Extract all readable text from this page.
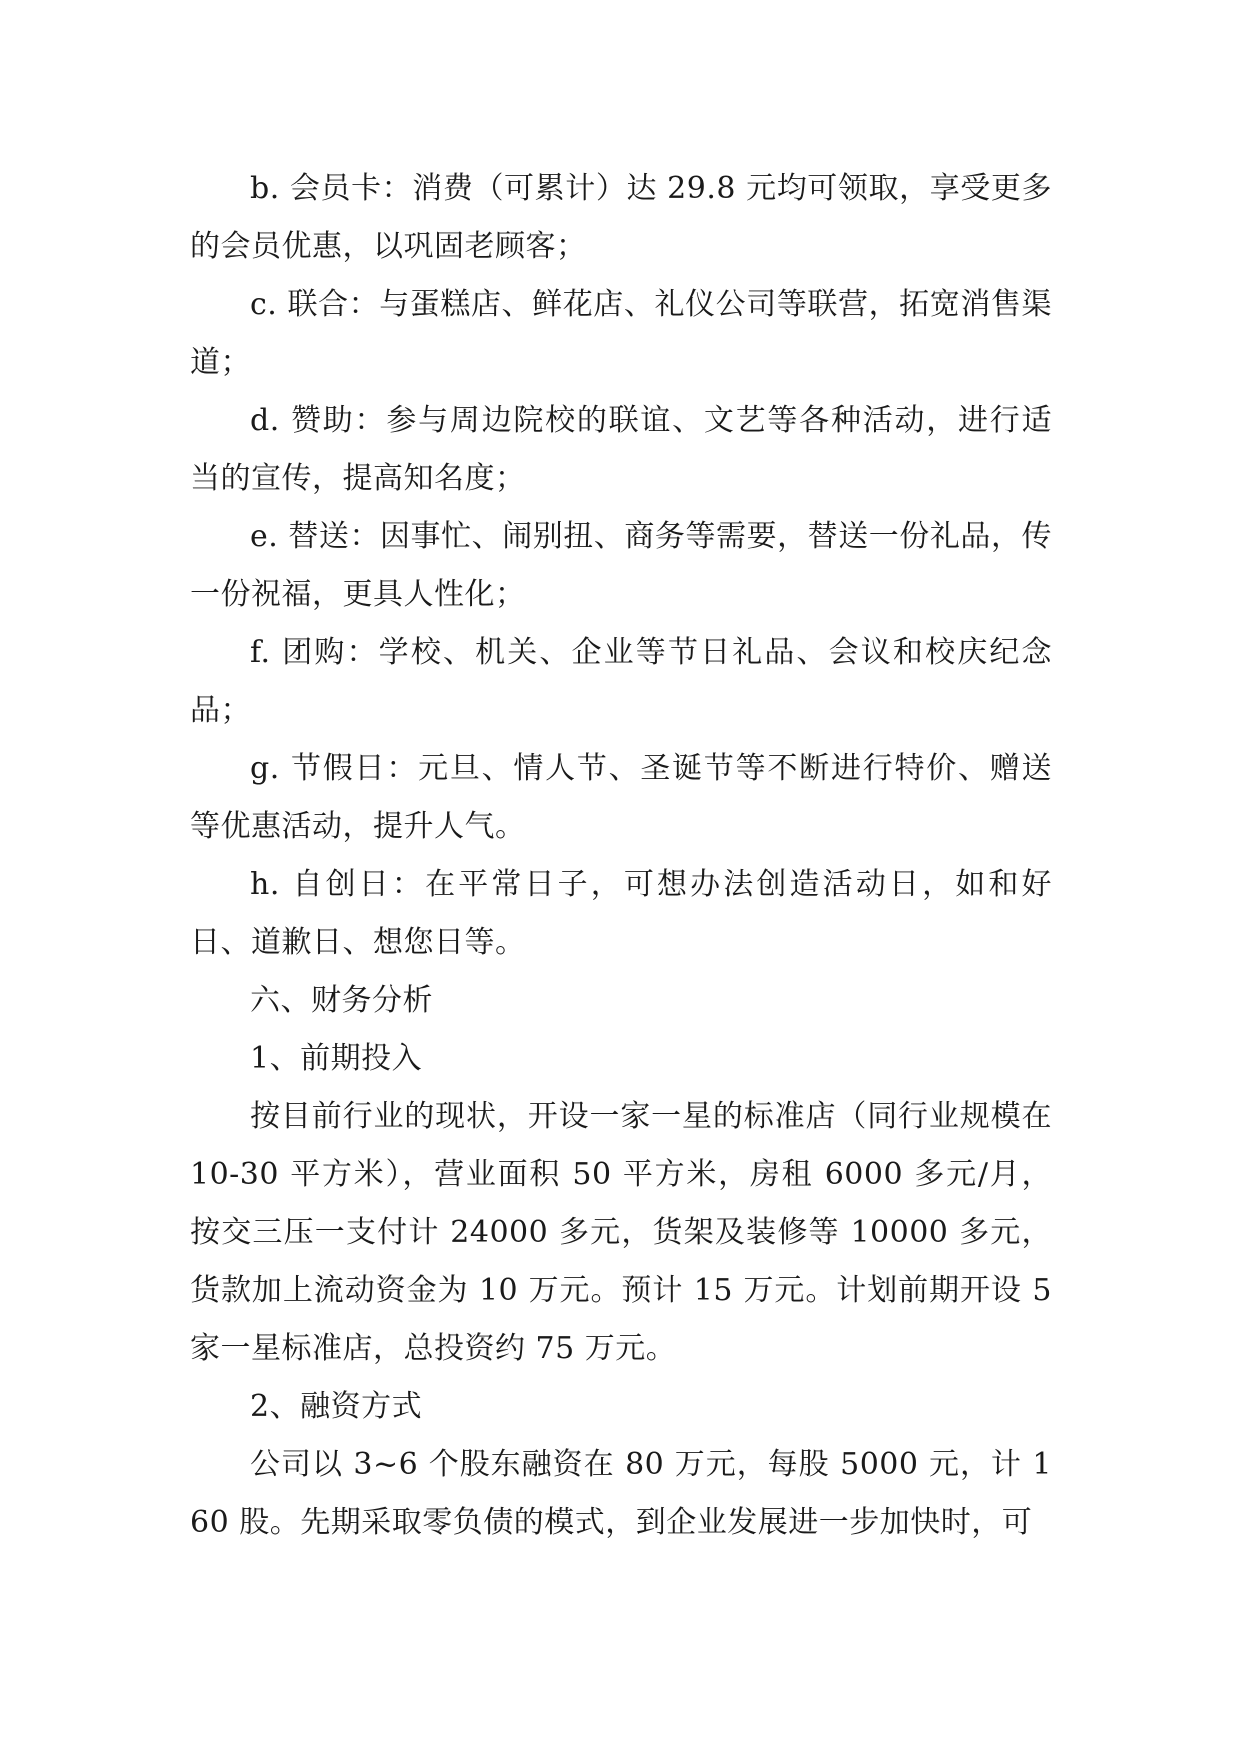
b. 会员卡：消费（可累计）达 29.8 元均可领取，享受更多的会员优惠，以巩固老顾客；

c. 联合：与蛋糕店、鲜花店、礼仪公司等联营，拓宽消售渠道；

d. 赞助：参与周边院校的联谊、文艺等各种活动，进行适当的宣传，提高知名度；

e. 替送：因事忙、闹别扭、商务等需要，替送一份礼品，传一份祝福，更具人性化；

f. 团购：学校、机关、企业等节日礼品、会议和校庆纪念品；

g. 节假日：元旦、情人节、圣诞节等不断进行特价、赠送等优惠活动，提升人气。

h. 自创日：在平常日子，可想办法创造活动日，如和好日、道歉日、想您日等。

六、财务分析

1、前期投入

按目前行业的现状，开设一家一星的标准店（同行业规模在 10-30 平方米），营业面积 50 平方米，房租 6000 多元/月，按交三压一支付计 24000 多元，货架及装修等 10000 多元，货款加上流动资金为 10 万元。预计 15 万元。计划前期开设 5 家一星标准店，总投资约 75 万元。

2、融资方式

公司以 3~6 个股东融资在 80 万元，每股 5000 元，计 160 股。先期采取零负债的模式，到企业发展进一步加快时，可
